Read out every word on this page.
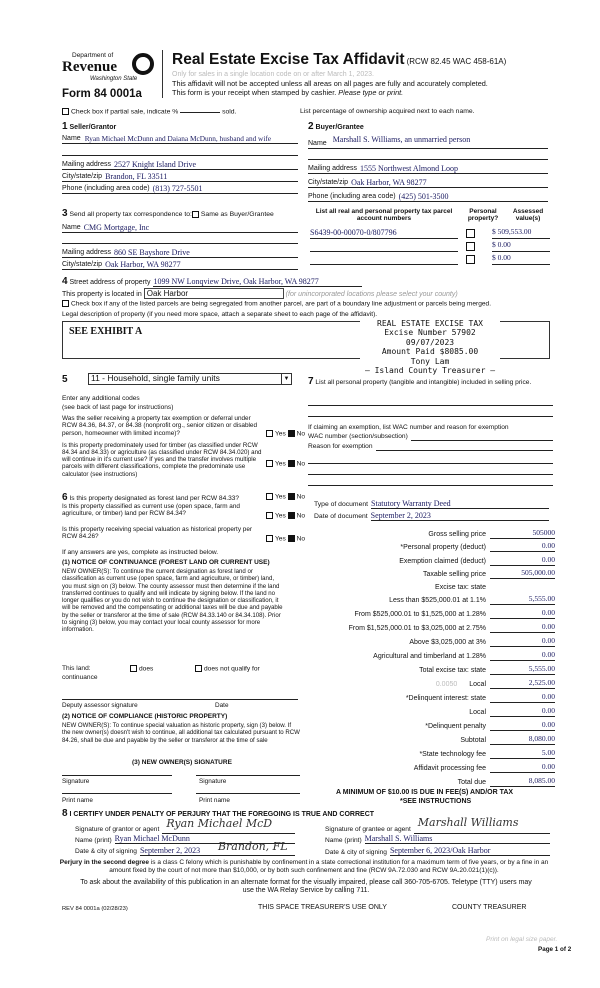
Department of
Revenue
Washington State
Form 84 0001a
Real Estate Excise Tax Affidavit (RCW 82.45 WAC 458-61A)
Only for sales in a single location code on or after March 1, 2023.
This affidavit will not be accepted unless all areas on all pages are fully and accurately completed.
This form is your receipt when stamped by cashier. Please type or print.
Check box if partial sale, indicate %	sold.	List percentage of ownership acquired next to each name.
1 Seller/Grantor
Name Ryan Michael McDunn and Daiana McDunn, husband and wife
Mailing address 2527 Knight Island Drive
City/state/zip Brandon, FL 33511
Phone (including area code) (813) 727-5501
2 Buyer/Grantee
Name Marshall S. Williams, an unmarried person
Mailing address 1555 Northwest Almond Loop
City/state/zip Oak Harbor, WA 98277
Phone (including area code) (425) 501-3500
3 Send all property tax correspondence to: Same as Buyer/Grantee
Name CMG Mortgage, Inc
Mailing address 860 SE Bayshore Drive
City/state/zip Oak Harbor, WA 98277
List all real and personal property tax parcel account numbers
Personal property?
Assessed value(s)
S6439-00-00070-0/807796	$ 509,553.00
$ 0.00
$ 0.00
4 Street address of property 1099 NW Lonqview Drive, Oak Harbor, WA 98277
This property is located in Oak Harbor	(for unincorporated locations please select your county)
Check box if any of the listed parcels are being segregated from another parcel, are part of a boundary line adjustment or parcels being merged.
Legal description of property (if you need more space, attach a separate sheet to each page of the affidavit).
SEE EXHIBIT A
REAL ESTATE EXCISE TAX
Excise Number 57902
09/07/2023
Amount Paid $8085.00
Tony Lam
— Island County Treasurer —
5	11 - Household, single family units	▼
Enter any additional codes
(see back of last page for instructions)
Was the seller receiving a property tax exemption or deferral under RCW 84.36, 84.37, or 84.38 (nonprofit org., senior citizen or disabled person, homeowner with limited income)?	Yes No
Is this property predominately used for timber (as classified under RCW 84.34 and 84.33) or agriculture (as classified under RCW 84.34.020) and will continue in it's current use? If yes and the transfer involves multiple parcels with different classifications, complete the predominate use calculator (see instructions)
Yes No
7 List all personal property (tangible and intangible) included in selling price.
If claiming an exemption, list WAC number and reason for exemption
WAC number (section/subsection)
Reason for exemption
6 Is this property designated as forest land per RCW 84.33?	Yes No
Is this property classified as current use (open space, farm and agriculture, or timber) land per RCW 84.34?	Yes No
Is this property receiving special valuation as historical property per RCW 84.26?	Yes No
If any answers are yes, complete as instructed below.
(1) NOTICE OF CONTINUANCE (FOREST LAND OR CURRENT USE)
NEW OWNER(S): To continue the current designation as forest land or classification as current use (open space, farm and agriculture, or timber) land, you must sign on (3) below. The county assessor must then determine if the land transferred continues to qualify and will indicate by signing below. If the land no longer qualifies or you do not wish to continue the designation or classification, it will be removed and the compensating or additional taxes will be due and payable by the seller or transferor at the time of sale (RCW 84.33.140 or 84.34.108). Prior to signing (3) below, you may contact your local county assessor for more information.
This land:
continuance
does	does not qualify for
Deputy assessor signature	Date
(2) NOTICE OF COMPLIANCE (HISTORIC PROPERTY)
NEW OWNER(S): To continue special valuation as historic property, sign (3) below. If the new owner(s) doesn't wish to continue, all additional tax calculated pursuant to RCW 84.26, shall be due and payable by the seller or transferor at the time of sale
(3) NEW OWNER(S) SIGNATURE
Signature	Signature
Print name	Print name
Type of document Statutory Warranty Deed
Date of document September 2, 2023
Gross selling price	505000
*Personal property (deduct)	0.00
Exemption claimed (deduct)	0.00
Taxable selling price	505,000.00
Excise tax: state
Less than $525,000.01 at 1.1%	5,555.00
From $525,000.01 to $1,525,000 at 1.28%	0.00
From $1,525,000.01 to $3,025,000 at 2.75%	0.00
Above $3,025,000 at 3%	0.00
Agricultural and timberland at 1.28%	0.00
Total excise tax: state	5,555.00
0.0050 Local	2,525.00
*Delinquent interest: state	0.00
Local	0.00
*Delinquent penalty	0.00
Subtotal	8,080.00
*State technology fee	5.00
Affidavit processing fee	0.00
Total due	8,085.00
A MINIMUM OF $10.00 IS DUE IN FEE(S) AND/OR TAX
*SEE INSTRUCTIONS
8 I CERTIFY UNDER PENALTY OF PERJURY THAT THE FOREGOING IS TRUE AND CORRECT
Signature of grantor or agent Ryan Michael McD
Name (print) Ryan Michael McDunn
Date & city of signing September 2, 2023 Brandon, FL
Signature of grantee or agent
Marshall Williams
Name (print) Marshall S. Williams
Date & city of signing September 6, 2023/Oak Harbor
Perjury in the second degree is a class C felony which is punishable by confinement in a state correctional institution for a maximum term of five years, or by a fine in an amount fixed by the court of not more than $10,000, or by both such confinement and fine (RCW 9A.72.030 and RCW 9A.20.021(1)(c)).
To ask about the availability of this publication in an alternate format for the visually impaired, please call 360-705-6705. Teletype (TTY) users may use the WA Relay Service by calling 711.
REV 84 0001a (02/28/23)	THIS SPACE TREASURER'S USE ONLY	COUNTY TREASURER
Print on legal size paper.
Page 1 of 2
